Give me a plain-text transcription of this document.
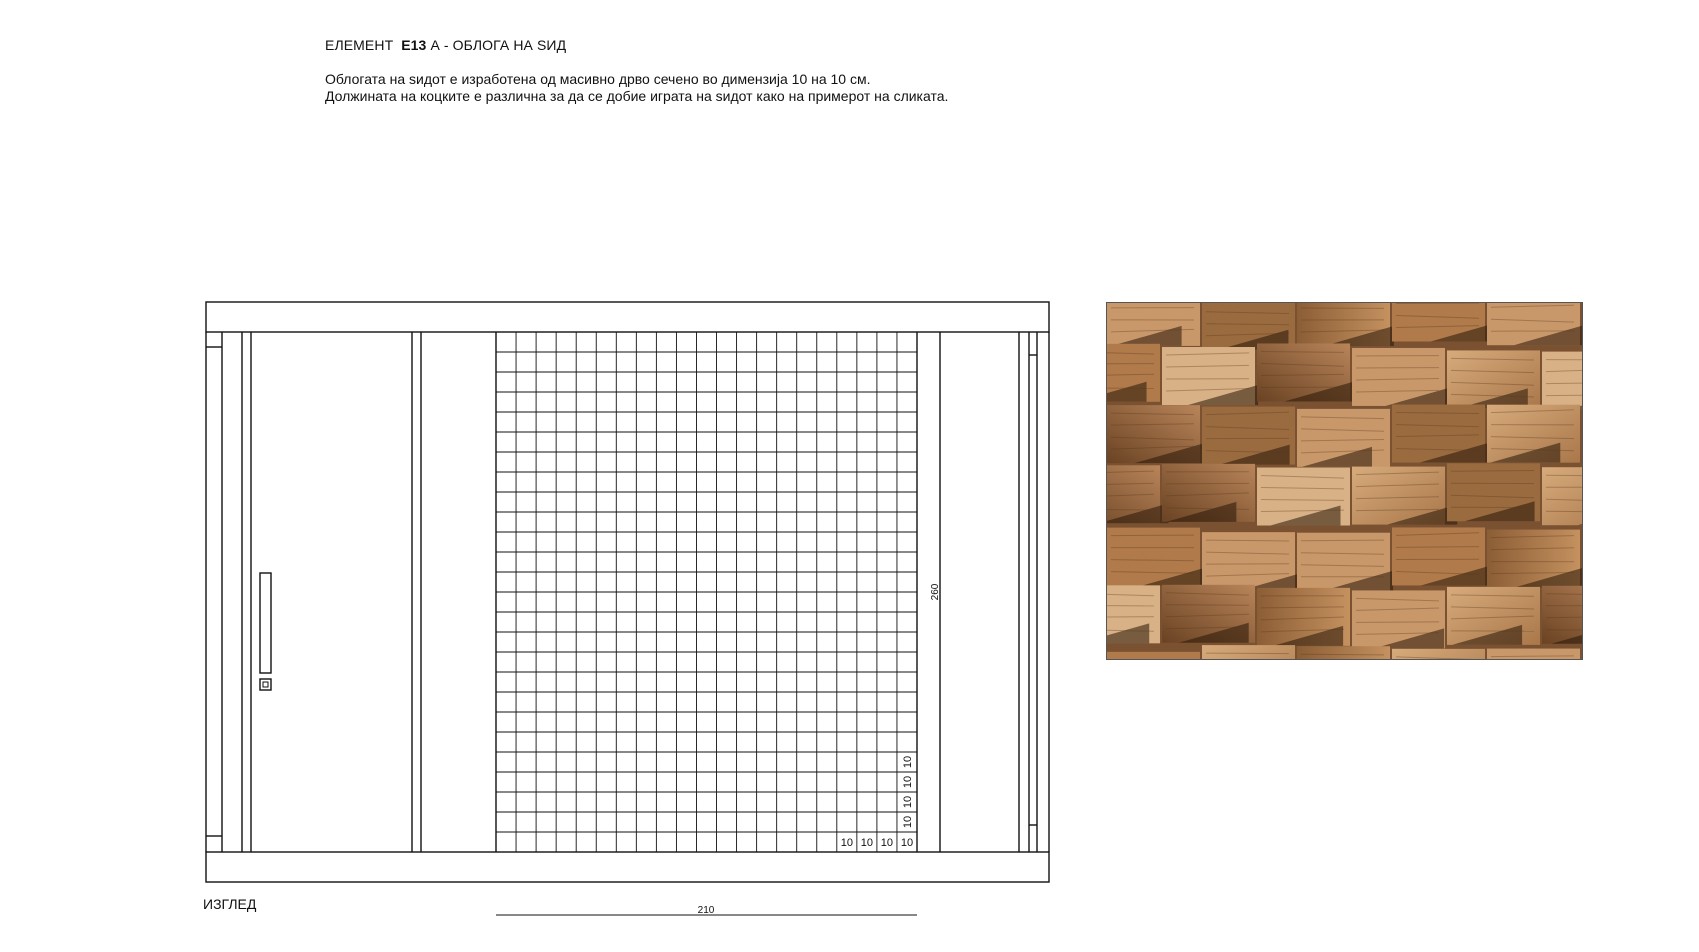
ЕЛЕМЕНТ Е13 А - ОБЛОГА НА ЅИД
Облогата на ѕидот е изработена од масивно дрво сечено во димензија 10 на 10 см.
Должината на коцките е различна за да се добие играта на ѕидот како на примерот на сликата.
10 10 10 10
10
10
10
10
260
210
ИЗГЛЕД
